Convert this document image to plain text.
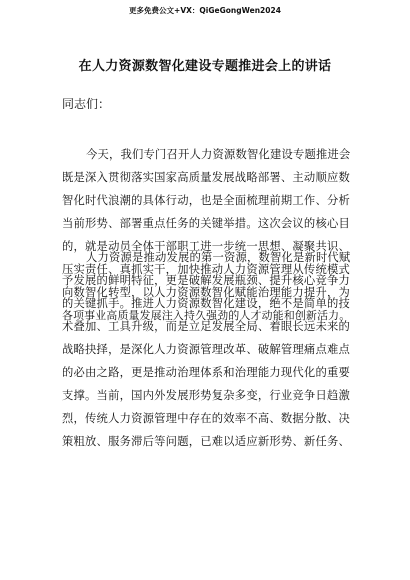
更多免费公文+VX：QiGeGongWen2024
在人力资源数智化建设专题推进会上的讲话
同志们：
今天，我们专门召开人力资源数智化建设专题推进会
既是深入贯彻落实国家高质量发展战略部署、主动顺应数
智化时代浪潮的具体行动，也是全面梳理前期工作、分析
当前形势、部署重点任务的关键举措。这次会议的核心目
的，就是动员全体干部职工进一步统一思想、凝聚共识、
压实责任、真抓实干，加快推动人力资源管理从传统模式
向数智化转型，以人力资源数智化赋能治理能力提升，为
各项事业高质量发展注入持久强劲的人才动能和创新活力。
人力资源是推动发展的第一资源，数智化是新时代赋
予发展的鲜明特征，更是破解发展瓶颈、提升核心竞争力
的关键抓手。推进人力资源数智化建设，绝不是简单的技
术叠加、工具升级，而是立足发展全局、着眼长远未来的
战略抉择，是深化人力资源管理改革、破解管理痛点难点
的必由之路，更是推动治理体系和治理能力现代化的重要
支撑。当前，国内外发展形势复杂多变，行业竞争日趋激
烈，传统人力资源管理中存在的效率不高、数据分散、决
策粗放、服务滞后等问题，已难以适应新形势、新任务、
